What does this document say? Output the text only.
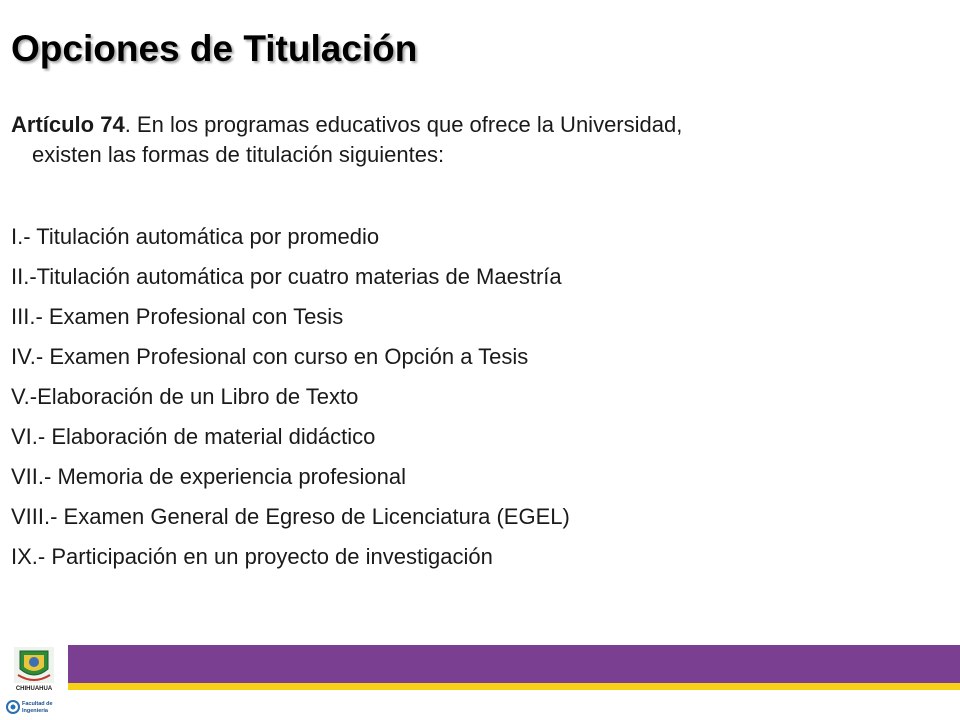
Opciones de Titulación
Artículo 74. En los programas educativos que ofrece la Universidad,
existen las formas de titulación siguientes:
I.- Titulación automática por promedio
II.-Titulación automática por cuatro materias de Maestría
III.- Examen Profesional con Tesis
IV.- Examen Profesional con curso en Opción a Tesis
V.-Elaboración de un Libro de Texto
VI.- Elaboración de material didáctico
VII.- Memoria de experiencia profesional
VIII.- Examen General de Egreso de Licenciatura (EGEL)
IX.- Participación en un proyecto de investigación
CHIHUAHUA
Facultad de
Ingeniería
